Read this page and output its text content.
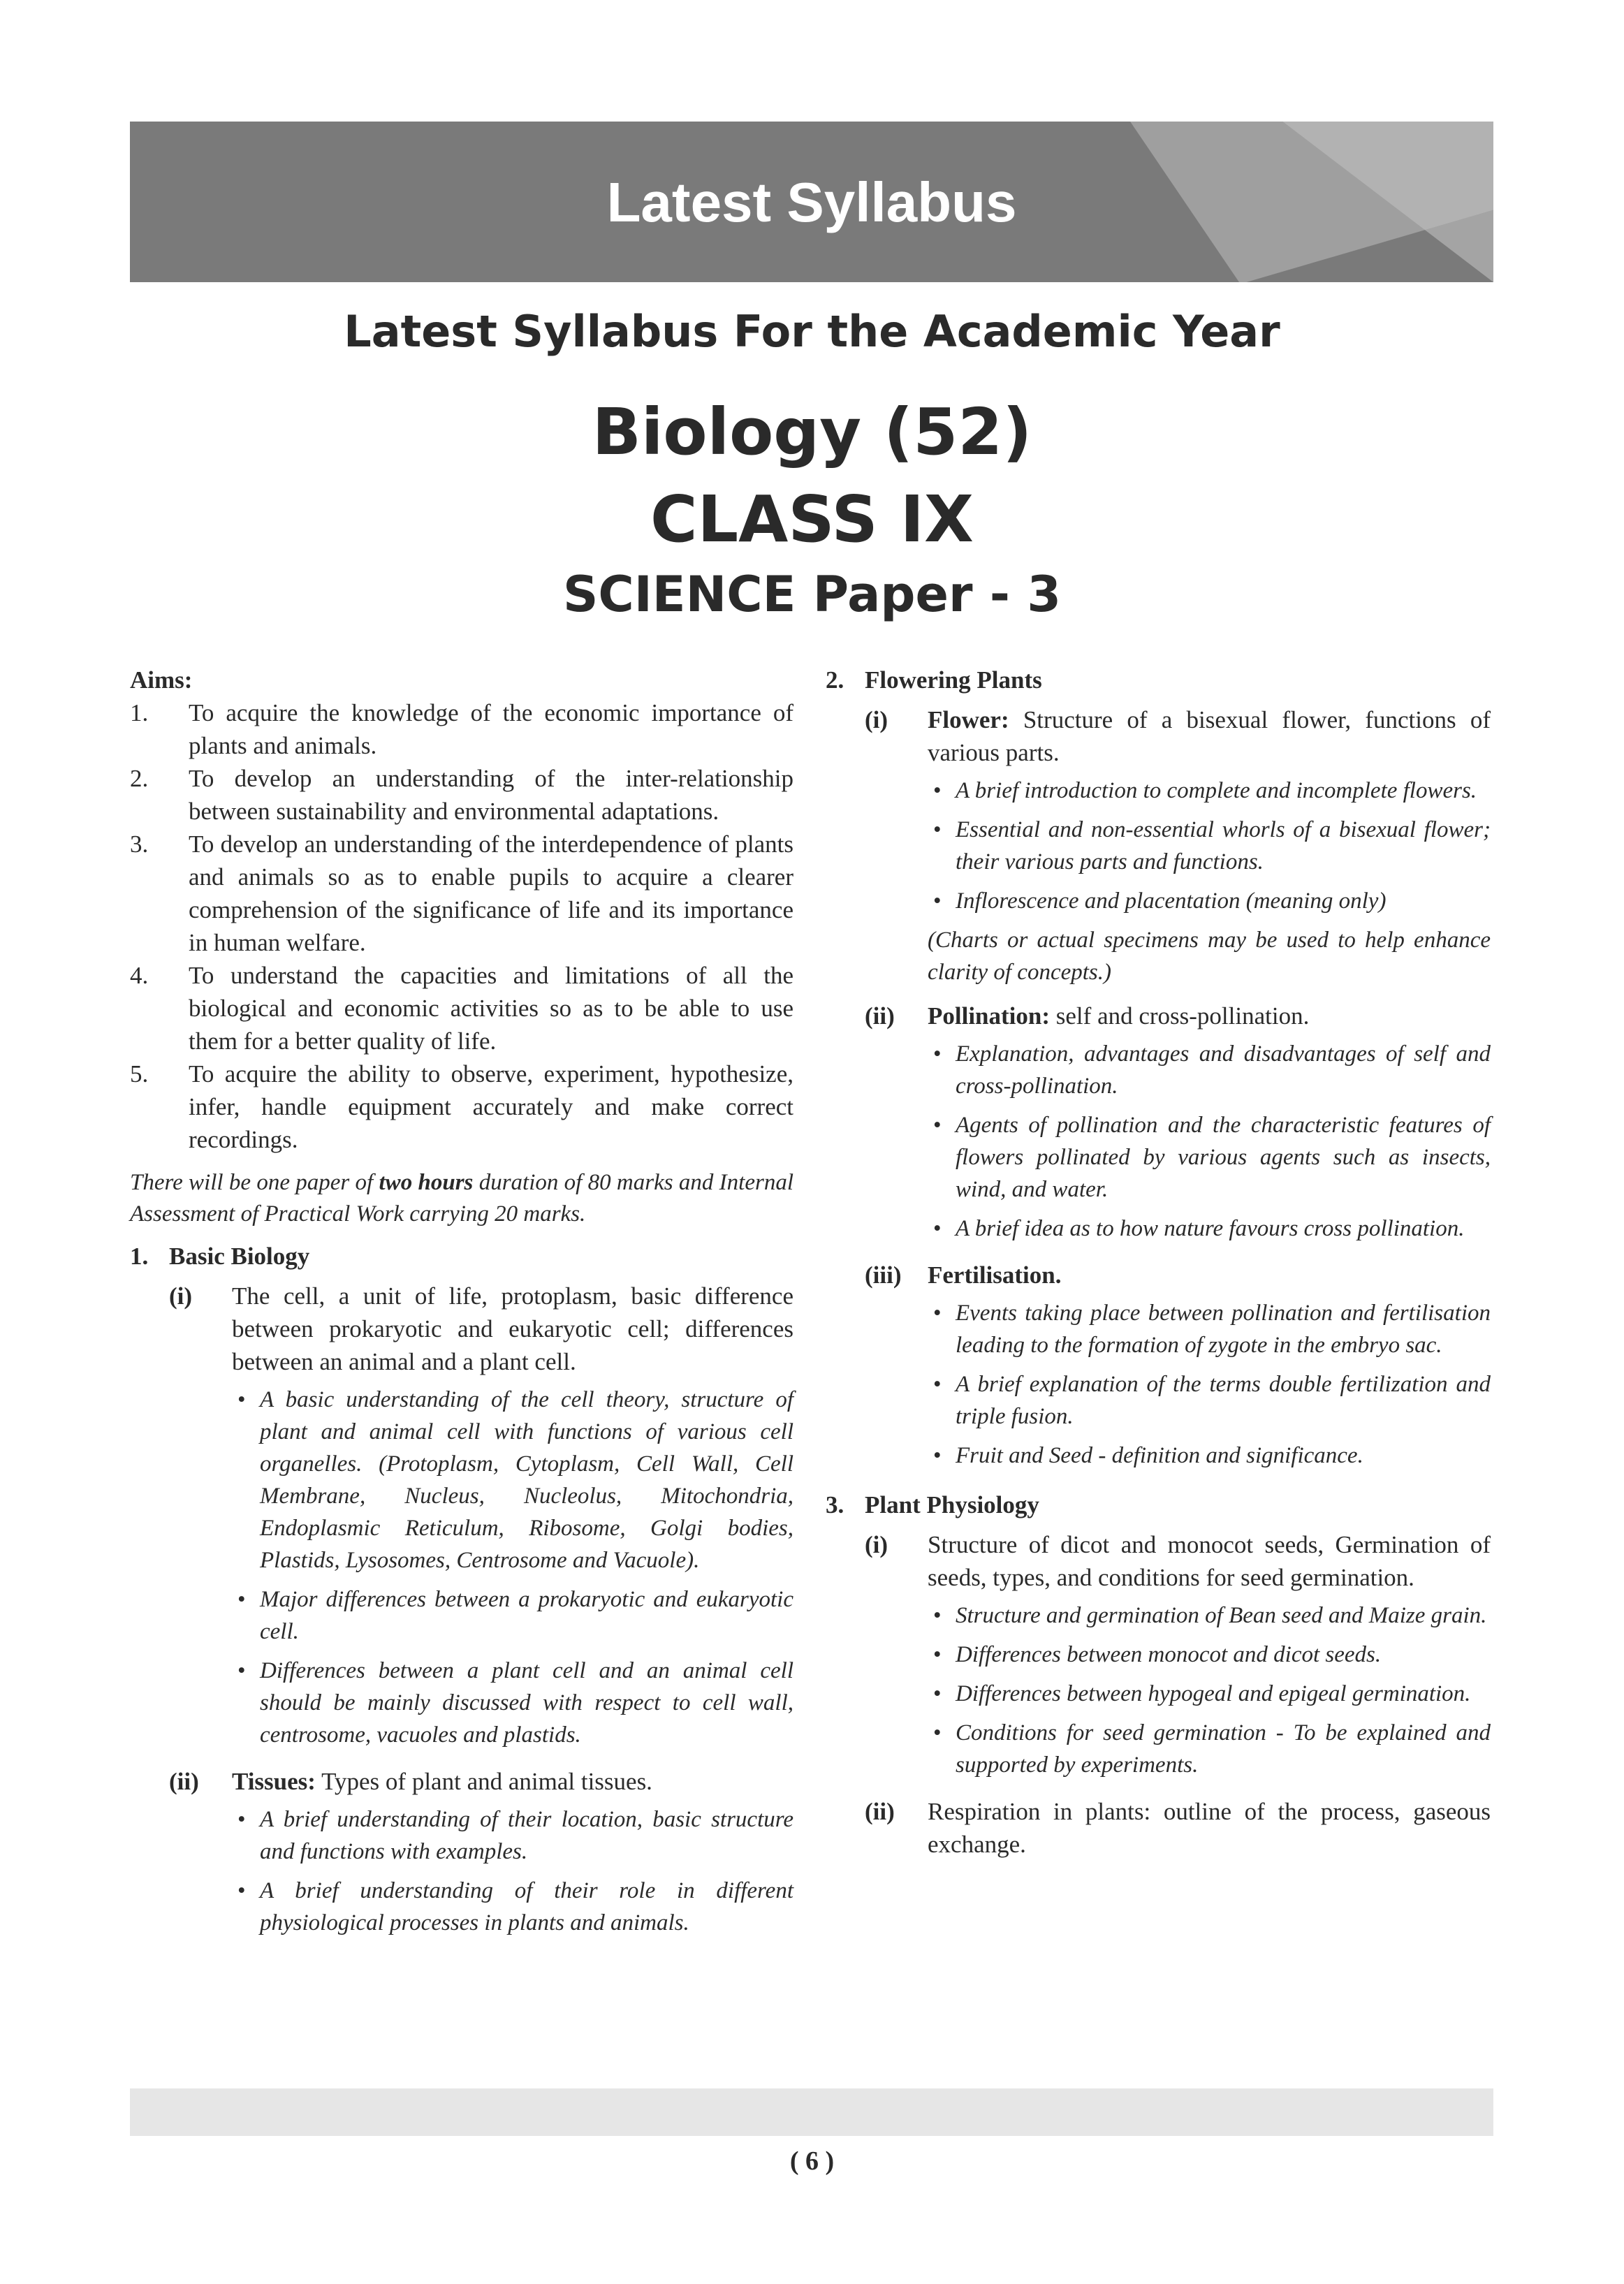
Latest Syllabus
Latest Syllabus For the Academic Year
Biology (52)
CLASS IX
SCIENCE Paper - 3
Aims:
1.	To acquire the knowledge of the economic importance of plants and animals.
2.	To develop an understanding of the inter-relationship between sustainability and environmental adaptations.
3.	To develop an understanding of the interdependence of plants and animals so as to enable pupils to acquire a clearer comprehension of the significance of life and its importance in human welfare.
4.	To understand the capacities and limitations of all the biological and economic activities so as to be able to use them for a better quality of life.
5.	To acquire the ability to observe, experiment, hypothesize, infer, handle equipment accurately and make correct recordings.
There will be one paper of two hours duration of 80 marks and Internal Assessment of Practical Work carrying 20 marks.
1. Basic Biology
(i)	The cell, a unit of life, protoplasm, basic difference between prokaryotic and eukaryotic cell; differences between an animal and a plant cell.
• A basic understanding of the cell theory, structure of plant and animal cell with functions of various cell organelles. (Protoplasm, Cytoplasm, Cell Wall, Cell Membrane, Nucleus, Nucleolus, Mitochondria, Endoplasmic Reticulum, Ribosome, Golgi bodies, Plastids, Lysosomes, Centrosome and Vacuole).
• Major differences between a prokaryotic and eukaryotic cell.
• Differences between a plant cell and an animal cell should be mainly discussed with respect to cell wall, centrosome, vacuoles and plastids.
(ii)	Tissues: Types of plant and animal tissues.
• A brief understanding of their location, basic structure and functions with examples.
• A brief understanding of their role in different physiological processes in plants and animals.
2. Flowering Plants
(i)	Flower: Structure of a bisexual flower, functions of various parts.
• A brief introduction to complete and incomplete flowers.
• Essential and non-essential whorls of a bisexual flower; their various parts and functions.
• Inflorescence and placentation (meaning only)
(Charts or actual specimens may be used to help enhance clarity of concepts.)
(ii)	Pollination: self and cross-pollination.
• Explanation, advantages and disadvantages of self and cross-pollination.
• Agents of pollination and the characteristic features of flowers pollinated by various agents such as insects, wind, and water.
• A brief idea as to how nature favours cross pollination.
(iii)	Fertilisation.
• Events taking place between pollination and fertilisation leading to the formation of zygote in the embryo sac.
• A brief explanation of the terms double fertilization and triple fusion.
• Fruit and Seed - definition and significance.
3. Plant Physiology
(i)	Structure of dicot and monocot seeds, Germination of seeds, types, and conditions for seed germination.
• Structure and germination of Bean seed and Maize grain.
• Differences between monocot and dicot seeds.
• Differences between hypogeal and epigeal germination.
• Conditions for seed germination - To be explained and supported by experiments.
(ii)	Respiration in plants: outline of the process, gaseous exchange.
( 6 )
